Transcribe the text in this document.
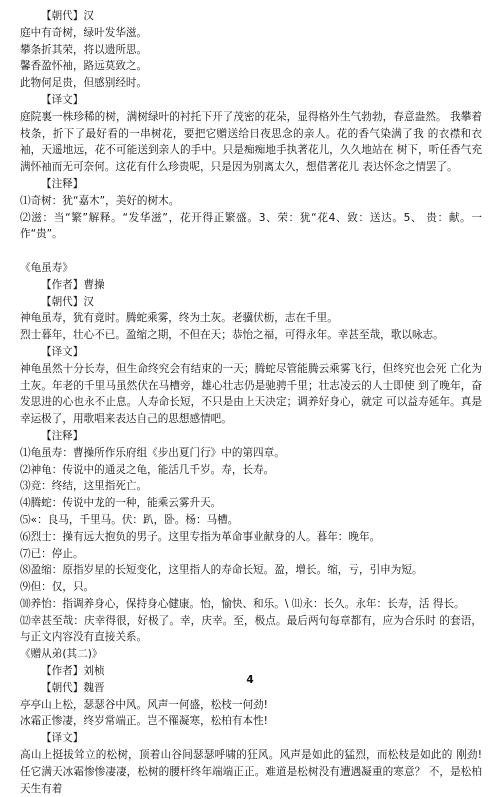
【朝代】汉
庭中有奇树，绿叶发华滋。
攀条折其荣，将以遗所思。
馨香盈怀袖，路远莫致之。
此物何足贵，但感别经时。
【译文】
庭院裏一株珍稀的树，满树绿叶的衬托下开了茂密的花朵，显得格外生气勃勃，春意盎然。 我攀着枝条，折下了最好看的一串树花，要把它赠送给日夜思念的亲人。花的香气染满了我 的衣襟和衣袖，天遥地远，花不可能送到亲人的手中。只是痴痴地手执著花儿，久久地站在 树下，听任香气充满怀袖而无可奈何。这花有什么珍贵呢，只是因为别离太久，想借著花儿 表达怀念之情罢了。
【注释】
⑴奇树：犹“嘉木”，美好的树木。
⑵滋：当“繁”解释。“发华滋”，花开得正繁盛。3、荣：犹“花4、致：送达。5、 贵：献。一作“贵”。
《龟虽寿》
【作者】曹操
【朝代】汉
神龟虽寿，犹有竟时。腾蛇乘雾，终为土灰。老骥伏枥，志在千里。
烈士暮年，壮心不已。盈缩之期，不但在天；恭怡之福，可得永年。幸甚至哉，歌以咏志。
【译文】
神龟虽然十分长寿，但生命终究会有结束的一天；腾蛇尽管能腾云乘雾飞行，但终究也会死 亡化为土灰。年老的千里马虽然伏在马槽旁，雄心壮志仍是驰骋千里；壮志凌云的人士即使 到了晚年，奋发思进的心也永不止息。人寿命长短，不只是由上天决定；调养好身心，就定 可以益寿延年。真是幸运极了，用歌唱来表达自己的思想感情吧。
【注释】
⑴龟虽寿：曹操所作乐府组《步出夏门行》中的第四章。
⑵神龟：传说中的通灵之龟，能活几千岁。寿，长寿。
⑶竞：终结，这里指死亡。
⑷腾蛇：传说中龙的一种，能乘云雾升天。
⑸«：良马，千里马。伏：趴，卧。杨：马槽。
⑹烈士：操有远大抱负的男子。这里专指为革命事业献身的人。暮年：晚年。
⑺已：停止。
⑻盈缩：原指岁星的长短变化，这里指人的寿命长短。盈，增长。缩，亏，引申为短。
⑼但：仅，只。
⑽养怡：指调养身心，保持身心健康。怡，愉快、和乐。\ ⑾永：长久。永年：长寿，活 得长。
⑿幸甚至哉：庆幸得很，好极了。幸，庆幸。至，极点。最后两句每章都有，应为合乐时 的套语，与正文内容没有直接关系。
《赠从弟(其二)》
【作者】刘桢
【朝代】魏晋
亭亭山上松，瑟瑟谷中风。风声一何盛，松枝一何劲!
冰霜正惨凄，终岁常端正。岂不罹凝寒，松柏有本性!
【译文】
高山上挺拔耸立的松树，顶着山谷间瑟瑟呼啸的狂风。风声是如此的猛烈，而松枝是如此的 刚劲! 任它满天冰霜惨惨凄凄，松树的腰杆终年端端正正。难道是松树没有遭遇凝重的寒意？ 不，是松柏天生有着
4
